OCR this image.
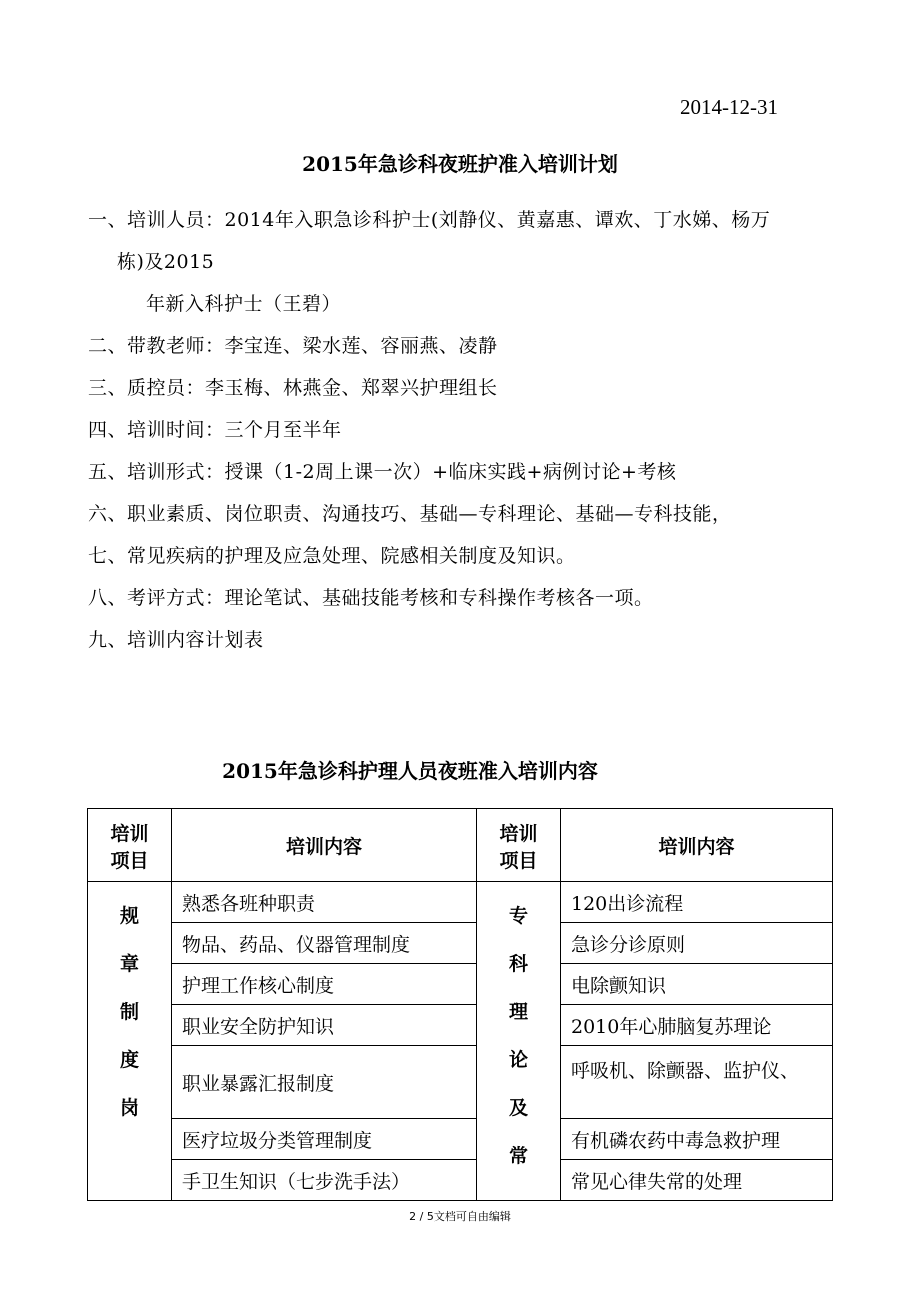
2014-12-31
2015年急诊科夜班护准入培训计划
一、培训人员：2014年入职急诊科护士(刘静仪、黄嘉惠、谭欢、丁水娣、杨万
栋)及2015
年新入科护士（王碧）
二、带教老师：李宝连、梁水莲、容丽燕、凌静
三、质控员：李玉梅、林燕金、郑翠兴护理组长
四、培训时间：三个月至半年
五、培训形式：授课（1-2周上课一次）+临床实践+病例讨论+考核
六、职业素质、岗位职责、沟通技巧、基础—专科理论、基础—专科技能，
七、常见疾病的护理及应急处理、院感相关制度及知识。
八、考评方式：理论笔试、基础技能考核和专科操作考核各一项。
九、培训内容计划表
2015年急诊科护理人员夜班准入培训内容
培训项目	培训内容	培训项目	培训内容

规章制度岗	熟悉各班种职责	专科理论及常	120出诊流程
	物品、药品、仪器管理制度		急诊分诊原则
	护理工作核心制度		电除颤知识
	职业安全防护知识		2010年心肺脑复苏理论
	职业暴露汇报制度		呼吸机、除颤器、监护仪、
	医疗垃圾分类管理制度		有机磷农药中毒急救护理
	手卫生知识（七步洗手法）		常见心律失常的处理
2 / 5文档可自由编辑
